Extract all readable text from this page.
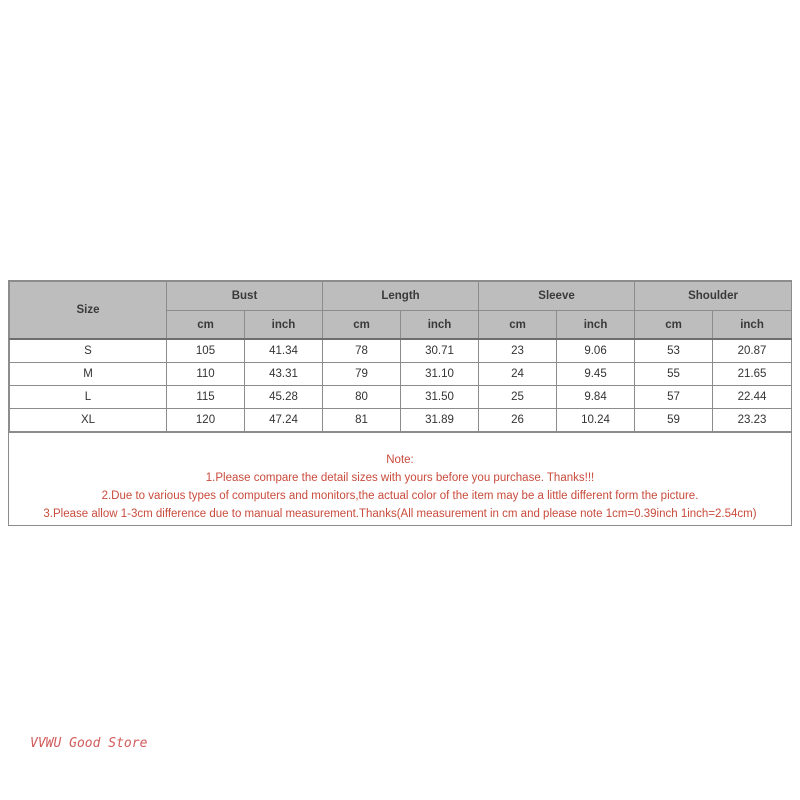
Size	Bust		Length		Sleeve		Shoulder	
	cm	inch	cm	inch	cm	inch	cm	inch
S	105	41.34	78	30.71	23	9.06	53	20.87
M	110	43.31	79	31.10	24	9.45	55	21.65
L	115	45.28	80	31.50	25	9.84	57	22.44
XL	120	47.24	81	31.89	26	10.24	59	23.23
Note:
1.Please compare the detail sizes with yours before you purchase. Thanks!!!
2.Due to various types of computers and monitors,the actual color of the item may be a little different form the picture.
3.Please allow 1-3cm difference due to manual measurement.Thanks(All measurement in cm and please note 1cm=0.39inch 1inch=2.54cm)
VVWU Good Store
